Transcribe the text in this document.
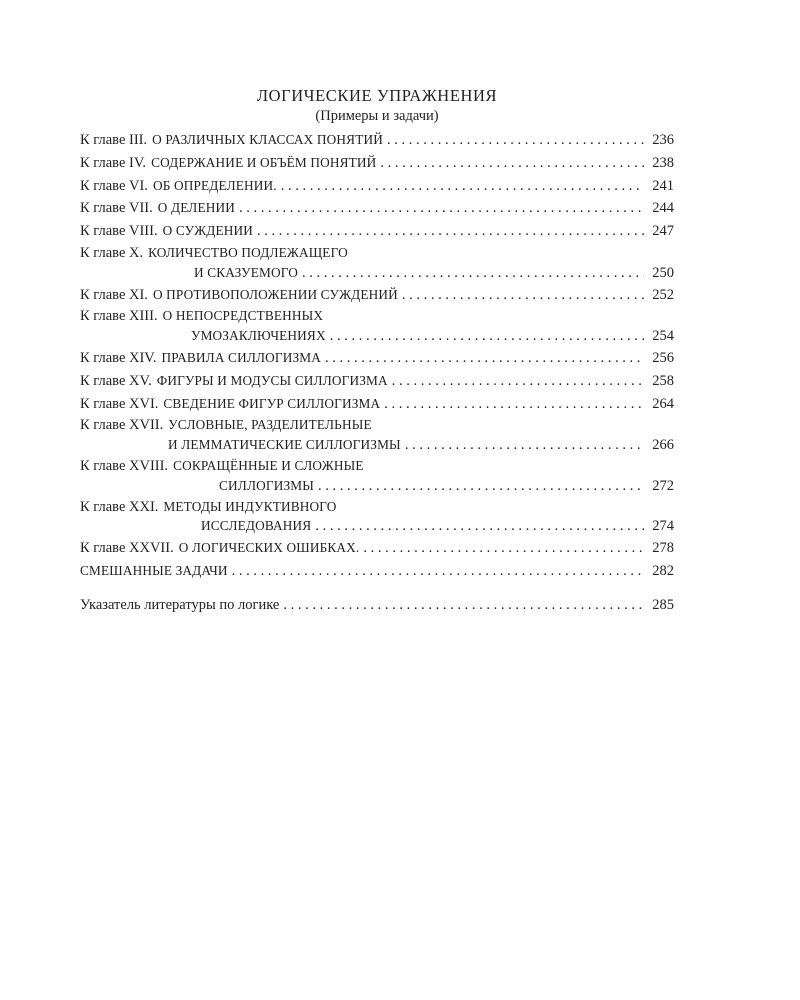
ЛОГИЧЕСКИЕ УПРАЖНЕНИЯ

(Примеры и задачи)

К главе III. О РАЗЛИЧНЫХ КЛАССАХ ПОНЯТИЙ . . .	236
К главе IV. СОДЕРЖАНИЕ И ОБЪЁМ ПОНЯТИЙ . . .	238
К главе VI. ОБ ОПРЕДЕЛЕНИИ. . . .	241
К главе VII. О ДЕЛЕНИИ . . .	244
К главе VIII. О СУЖДЕНИИ . . .	247
К главе X. КОЛИЧЕСТВО ПОДЛЕЖАЩЕГО
И СКАЗУЕМОГО . . .	250
К главе XI. О ПРОТИВОПОЛОЖЕНИИ СУЖДЕНИЙ . . .	252
К главе XIII. О НЕПОСРЕДСТВЕННЫХ
УМОЗАКЛЮЧЕНИЯХ . . .	254
К главе XIV. ПРАВИЛА СИЛЛОГИЗМА . . .	256
К главе XV. ФИГУРЫ И МОДУСЫ СИЛЛОГИЗМА . . .	258
К главе XVI. СВЕДЕНИЕ ФИГУР СИЛЛОГИЗМА . . .	264
К главе XVII. УСЛОВНЫЕ, РАЗДЕЛИТЕЛЬНЫЕ
И ЛЕММАТИЧЕСКИЕ СИЛЛОГИЗМЫ . . .	266
К главе XVIII. СОКРАЩЁННЫЕ И СЛОЖНЫЕ
СИЛЛОГИЗМЫ . . .	272
К главе XXI. МЕТОДЫ ИНДУКТИВНОГО
ИССЛЕДОВАНИЯ . . .	274
К главе XXVII. О ЛОГИЧЕСКИХ ОШИБКАХ. . . .	278
СМЕШАННЫЕ ЗАДАЧИ . . .	282
Указатель литературы по логике . . .	285
